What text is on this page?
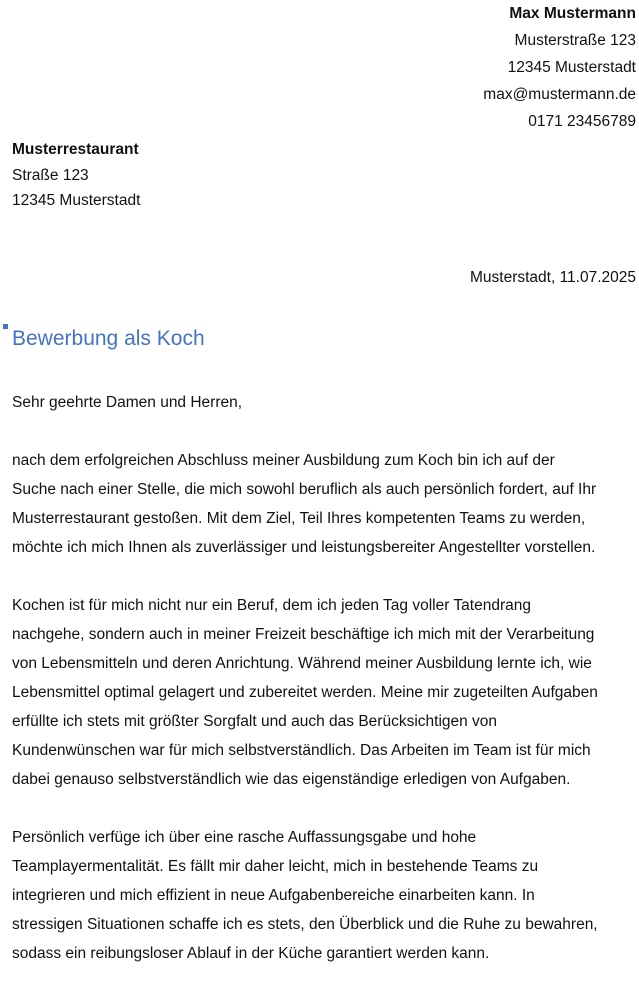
Max Mustermann
Musterstraße 123
12345 Musterstadt
max@mustermann.de
0171 23456789
Musterrestaurant
Straße 123
12345 Musterstadt
Musterstadt, 11.07.2025
Bewerbung als Koch

Sehr geehrte Damen und Herren,

nach dem erfolgreichen Abschluss meiner Ausbildung zum Koch bin ich auf der
Suche nach einer Stelle, die mich sowohl beruflich als auch persönlich fordert, auf Ihr
Musterrestaurant gestoßen. Mit dem Ziel, Teil Ihres kompetenten Teams zu werden,
möchte ich mich Ihnen als zuverlässiger und leistungsbereiter Angestellter vorstellen.

Kochen ist für mich nicht nur ein Beruf, dem ich jeden Tag voller Tatendrang
nachgehe, sondern auch in meiner Freizeit beschäftige ich mich mit der Verarbeitung
von Lebensmitteln und deren Anrichtung. Während meiner Ausbildung lernte ich, wie
Lebensmittel optimal gelagert und zubereitet werden. Meine mir zugeteilten Aufgaben
erfüllte ich stets mit größter Sorgfalt und auch das Berücksichtigen von
Kundenwünschen war für mich selbstverständlich. Das Arbeiten im Team ist für mich
dabei genauso selbstverständlich wie das eigenständige erledigen von Aufgaben.

Persönlich verfüge ich über eine rasche Auffassungsgabe und hohe
Teamplayermentalität. Es fällt mir daher leicht, mich in bestehende Teams zu
integrieren und mich effizient in neue Aufgabenbereiche einarbeiten kann. In
stressigen Situationen schaffe ich es stets, den Überblick und die Ruhe zu bewahren,
sodass ein reibungsloser Ablauf in der Küche garantiert werden kann.
